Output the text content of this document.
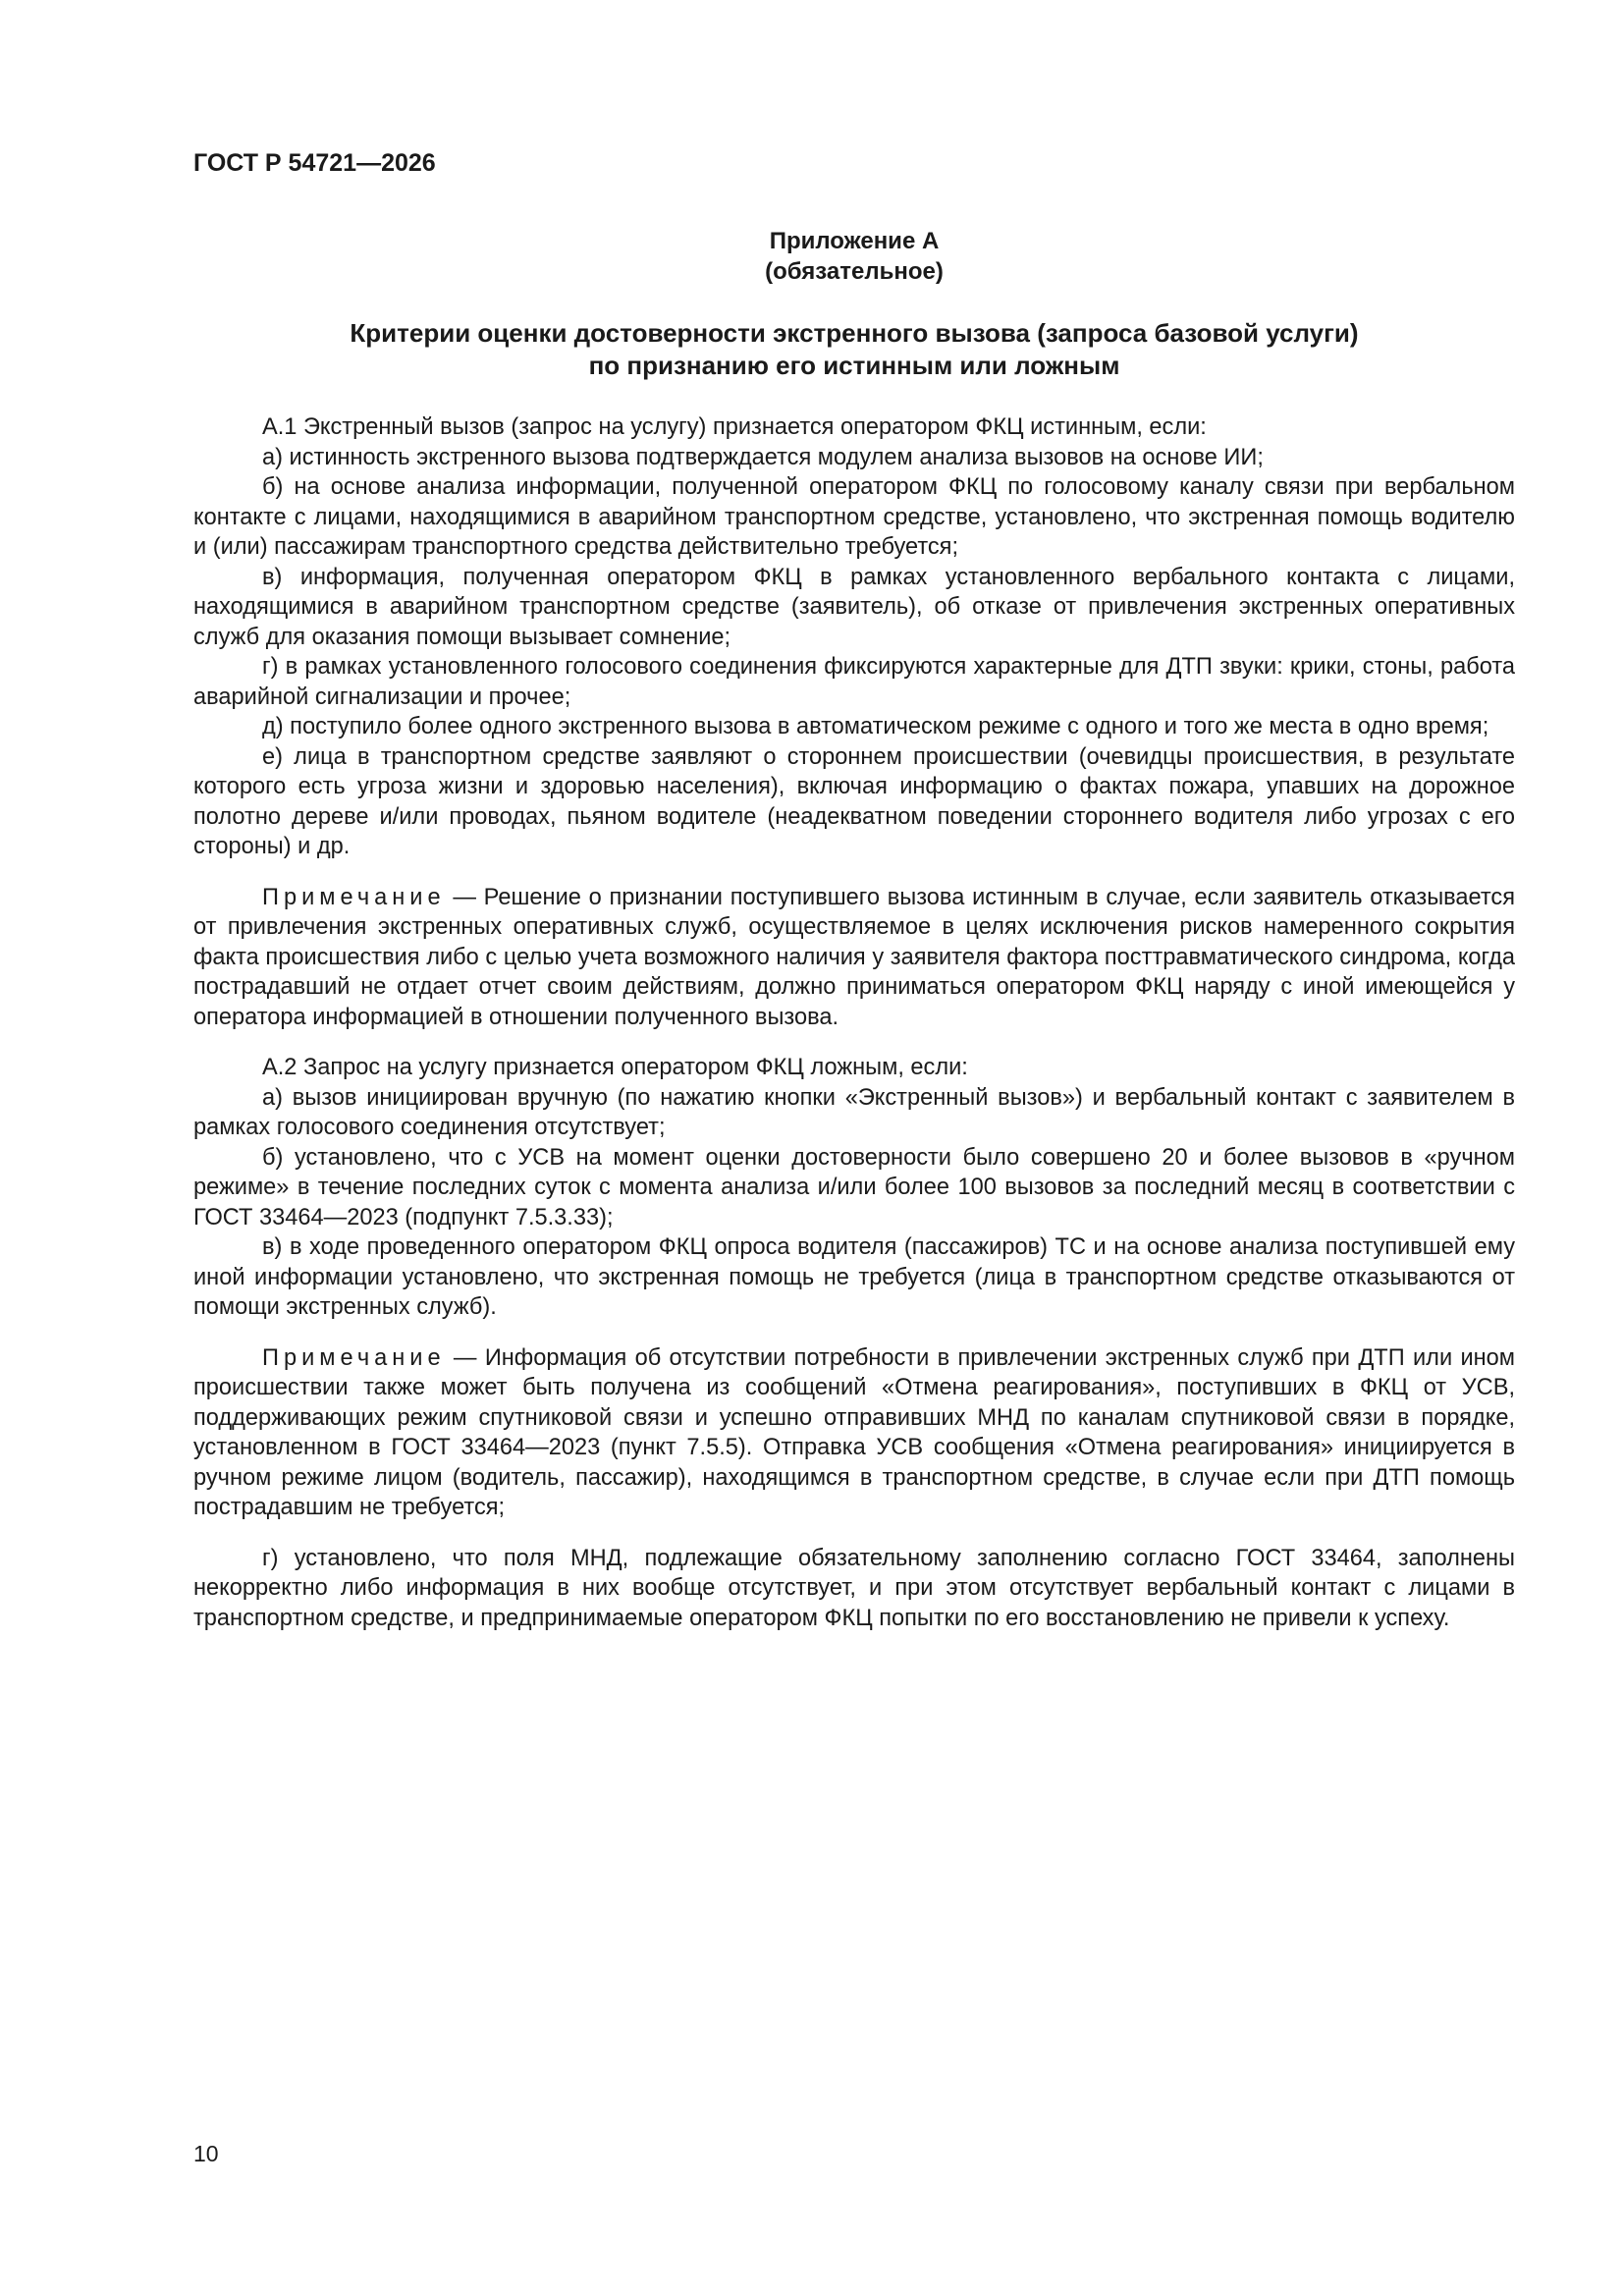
ГОСТ Р 54721—2026

Приложение А
(обязательное)
Критерии оценки достоверности экстренного вызова (запроса базовой услуги)
по признанию его истинным или ложным

А.1 Экстренный вызов (запрос на услугу) признается оператором ФКЦ истинным, если:

а) истинность экстренного вызова подтверждается модулем анализа вызовов на основе ИИ;

б) на основе анализа информации, полученной оператором ФКЦ по голосовому каналу связи при вербальном контакте с лицами, находящимися в аварийном транспортном средстве, установлено, что экстренная помощь водителю и (или) пассажирам транспортного средства действительно требуется;

в) информация, полученная оператором ФКЦ в рамках установленного вербального контакта с лицами, находящимися в аварийном транспортном средстве (заявитель), об отказе от привлечения экстренных оперативных служб для оказания помощи вызывает сомнение;

г) в рамках установленного голосового соединения фиксируются характерные для ДТП звуки: крики, стоны, работа аварийной сигнализации и прочее;

д) поступило более одного экстренного вызова в автоматическом режиме с одного и того же места в одно время;

е) лица в транспортном средстве заявляют о стороннем происшествии (очевидцы происшествия, в результате которого есть угроза жизни и здоровью населения), включая информацию о фактах пожара, упавших на дорожное полотно дереве и/или проводах, пьяном водителе (неадекватном поведении стороннего водителя либо угрозах с его стороны) и др.

Примечание — Решение о признании поступившего вызова истинным в случае, если заявитель отказывается от привлечения экстренных оперативных служб, осуществляемое в целях исключения рисков намеренного сокрытия факта происшествия либо с целью учета возможного наличия у заявителя фактора посттравматического синдрома, когда пострадавший не отдает отчет своим действиям, должно приниматься оператором ФКЦ наряду с иной имеющейся у оператора информацией в отношении полученного вызова.

А.2 Запрос на услугу признается оператором ФКЦ ложным, если:

а) вызов инициирован вручную (по нажатию кнопки «Экстренный вызов») и вербальный контакт с заявителем в рамках голосового соединения отсутствует;

б) установлено, что с УСВ на момент оценки достоверности было совершено 20 и более вызовов в «ручном режиме» в течение последних суток с момента анализа и/или более 100 вызовов за последний месяц в соответствии с ГОСТ 33464—2023 (подпункт 7.5.3.33);

в) в ходе проведенного оператором ФКЦ опроса водителя (пассажиров) ТС и на основе анализа поступившей ему иной информации установлено, что экстренная помощь не требуется (лица в транспортном средстве отказываются от помощи экстренных служб).

Примечание — Информация об отсутствии потребности в привлечении экстренных служб при ДТП или ином происшествии также может быть получена из сообщений «Отмена реагирования», поступивших в ФКЦ от УСВ, поддерживающих режим спутниковой связи и успешно отправивших МНД по каналам спутниковой связи в порядке, установленном в ГОСТ 33464—2023 (пункт 7.5.5). Отправка УСВ сообщения «Отмена реагирования» инициируется в ручном режиме лицом (водитель, пассажир), находящимся в транспортном средстве, в случае если при ДТП помощь пострадавшим не требуется;

г) установлено, что поля МНД, подлежащие обязательному заполнению согласно ГОСТ 33464, заполнены некорректно либо информация в них вообще отсутствует, и при этом отсутствует вербальный контакт с лицами в транспортном средстве, и предпринимаемые оператором ФКЦ попытки по его восстановлению не привели к успеху.

10
